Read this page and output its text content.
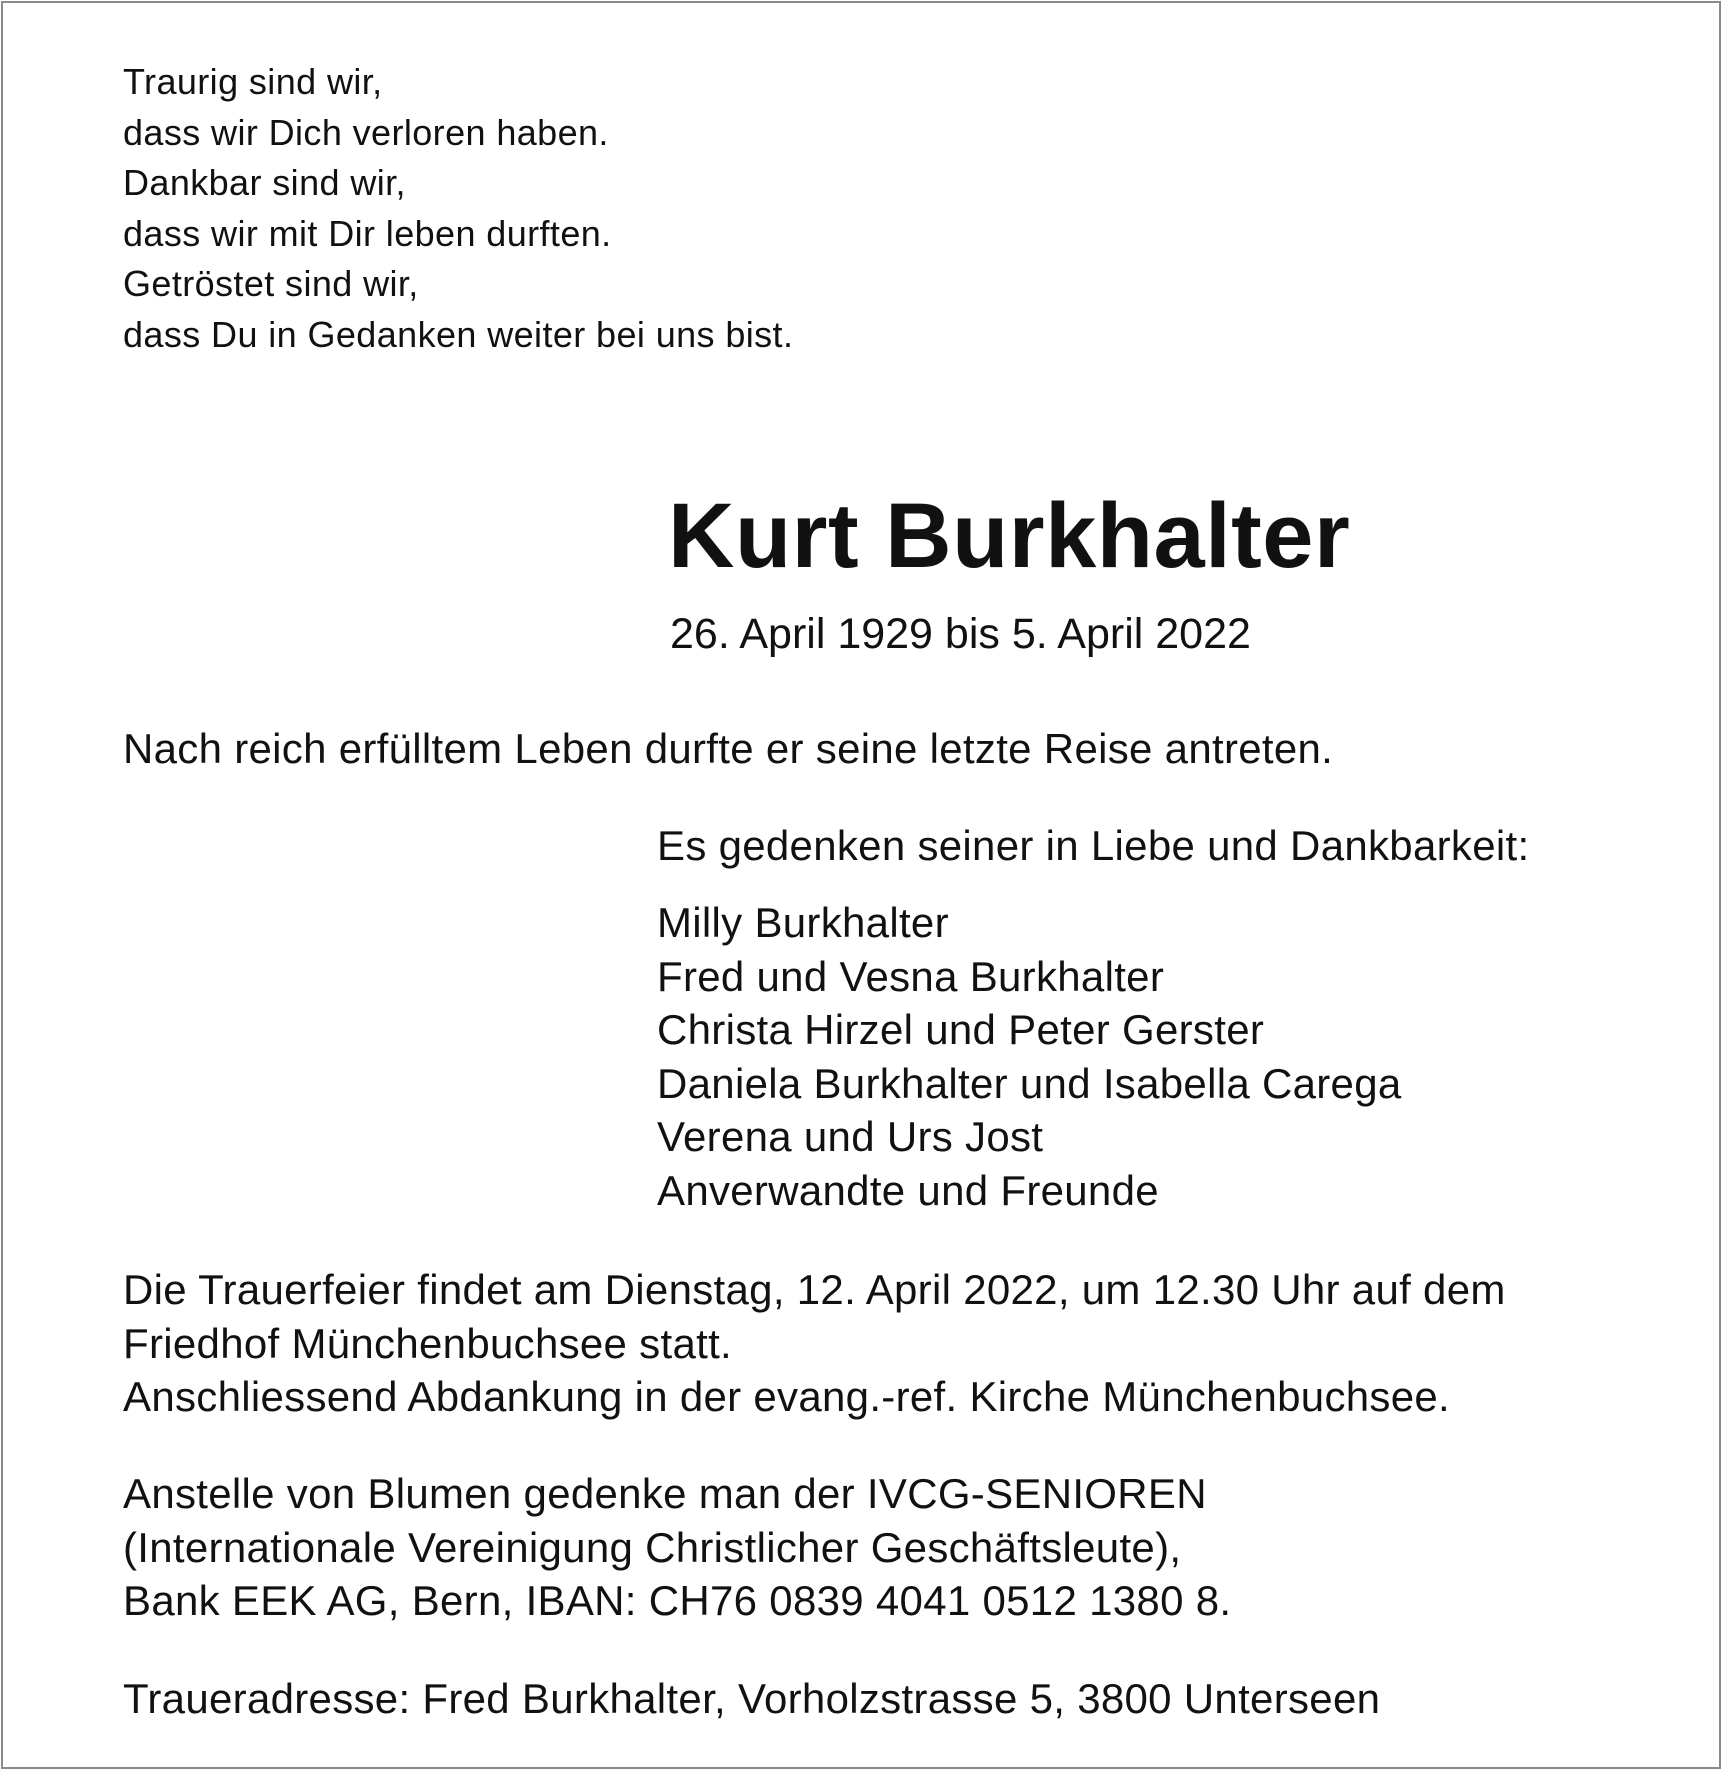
Traurig sind wir,
dass wir Dich verloren haben.
Dankbar sind wir,
dass wir mit Dir leben durften.
Getröstet sind wir,
dass Du in Gedanken weiter bei uns bist.
Kurt Burkhalter
26. April 1929 bis 5. April 2022
Nach reich erfülltem Leben durfte er seine letzte Reise antreten.
Es gedenken seiner in Liebe und Dankbarkeit:
Milly Burkhalter
Fred und Vesna Burkhalter
Christa Hirzel und Peter Gerster
Daniela Burkhalter und Isabella Carega
Verena und Urs Jost
Anverwandte und Freunde
Die Trauerfeier findet am Dienstag, 12. April 2022, um 12.30 Uhr auf dem
Friedhof Münchenbuchsee statt.
Anschliessend Abdankung in der evang.-ref. Kirche Münchenbuchsee.
Anstelle von Blumen gedenke man der IVCG-SENIOREN
(Internationale Vereinigung Christlicher Geschäftsleute),
Bank EEK AG, Bern, IBAN: CH76 0839 4041 0512 1380 8.
Traueradresse: Fred Burkhalter, Vorholzstrasse 5, 3800 Unterseen
